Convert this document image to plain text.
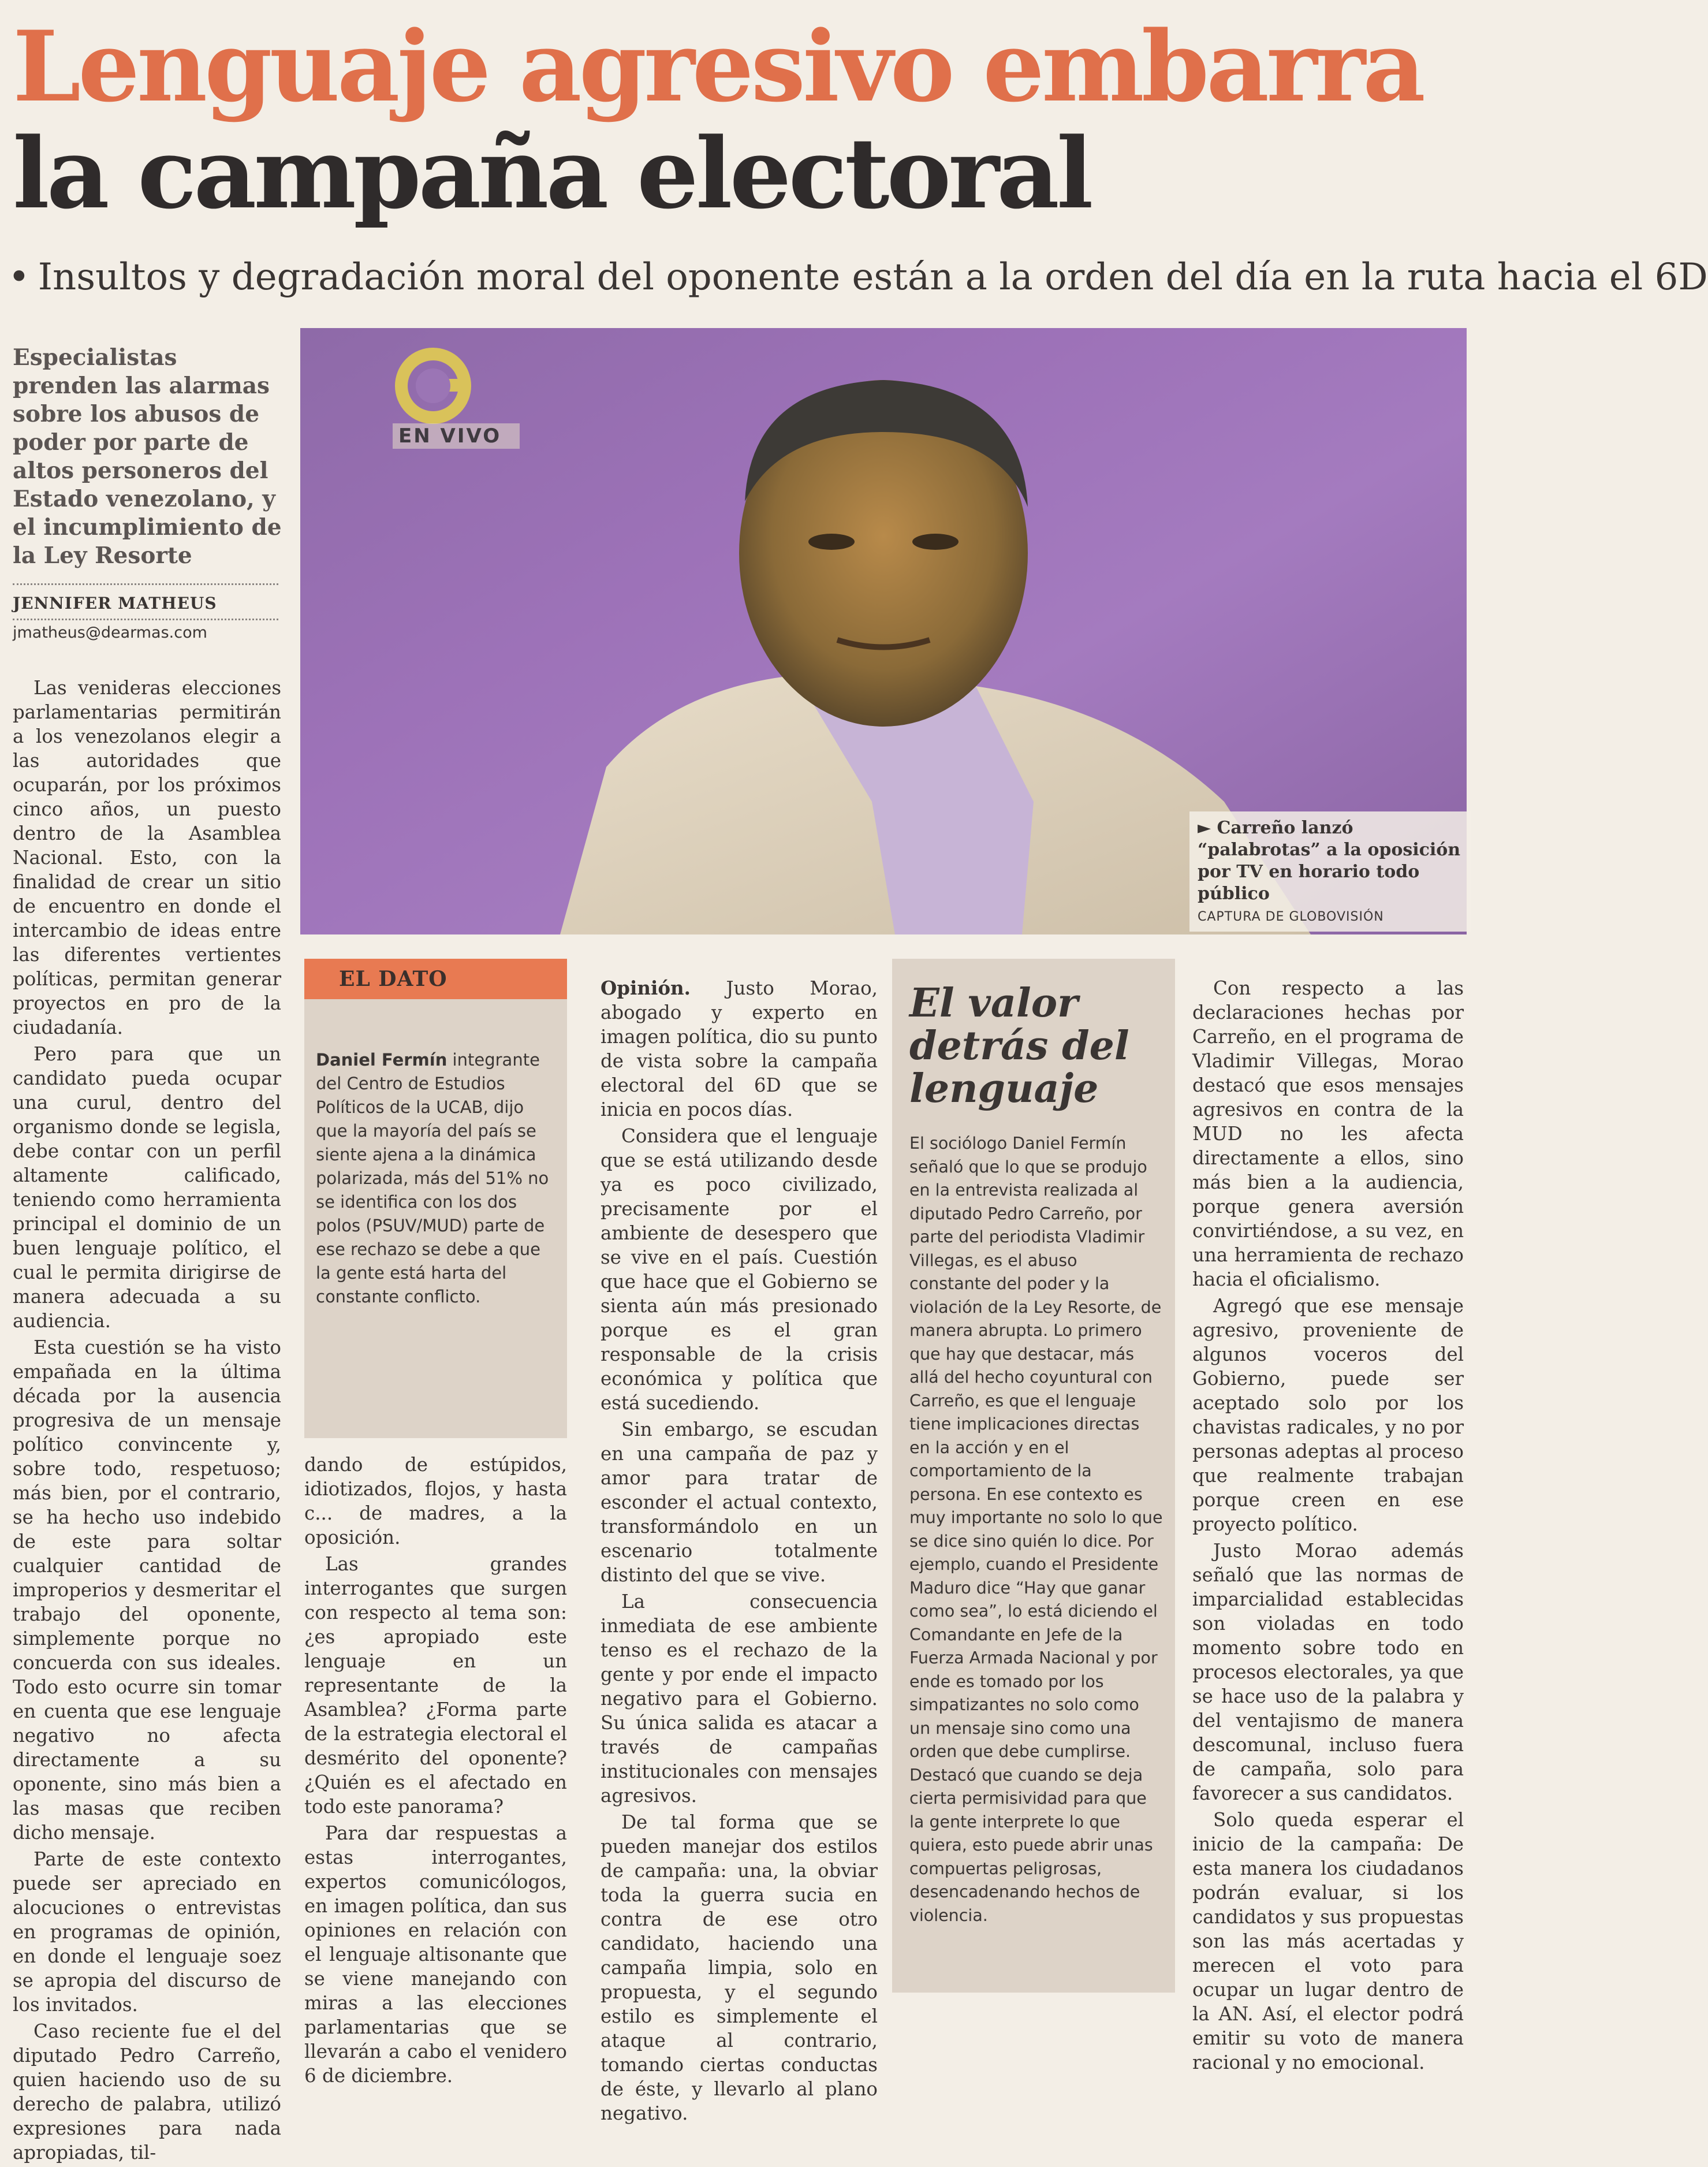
Lenguaje agresivo embarra
la campaña electoral
• Insultos y degradación moral del oponente están a la orden del día en la ruta hacia el 6D
Especialistas prenden las alarmas sobre los abusos de poder por parte de altos personeros del Estado venezolano, y el incumplimiento de la Ley Resorte
JENNIFER MATHEUS
jmatheus@dearmas.com
EN VIVO
► Carreño lanzó “palabrotas” a la oposición por TV en horario todo público
CAPTURA DE GLOBOVISIÓN

Las venideras elecciones parlamentarias permitirán a los venezolanos elegir a las autoridades que ocuparán, por los próximos cinco años, un puesto dentro de la Asamblea Nacional. Esto, con la finalidad de crear un sitio de encuentro en donde el intercambio de ideas entre las diferentes vertientes políticas, permitan generar proyectos en pro de la ciudadanía.

Pero para que un candidato pueda ocupar una curul, dentro del organismo donde se legisla, debe contar con un perfil altamente calificado, teniendo como herramienta principal el dominio de un buen lenguaje político, el cual le permita dirigirse de manera adecuada a su audiencia.

Esta cuestión se ha visto empañada en la última década por la ausencia progresiva de un mensaje político convincente y, sobre todo, respetuoso; más bien, por el contrario, se ha hecho uso indebido de este para soltar cualquier cantidad de improperios y desmeritar el trabajo del oponente, simplemente porque no concuerda con sus ideales. Todo esto ocurre sin tomar en cuenta que ese lenguaje negativo no afecta directamente a su oponente, sino más bien a las masas que reciben dicho mensaje.

Parte de este contexto puede ser apreciado en alocuciones o entrevistas en programas de opinión, en donde el lenguaje soez se apropia del discurso de los invitados.

Caso reciente fue el del diputado Pedro Carreño, quien haciendo uso de su derecho de palabra, utilizó expresiones para nada apropiadas, til-

EL DATO
Daniel Fermín integrante del Centro de Estudios Políticos de la UCAB, dijo que la mayoría del país se siente ajena a la dinámica polarizada, más del 51% no se identifica con los dos polos (PSUV/MUD) parte de ese rechazo se debe a que la gente está harta del constante conflicto.

dando de estúpidos, idiotizados, flojos, y hasta c... de madres, a la oposición.

Las grandes interrogantes que surgen con respecto al tema son: ¿es apropiado este lenguaje en un representante de la Asamblea? ¿Forma parte de la estrategia electoral el desmérito del oponente? ¿Quién es el afectado en todo este panorama?

Para dar respuestas a estas interrogantes, expertos comunicólogos, en imagen política, dan sus opiniones en relación con el lenguaje altisonante que se viene manejando con miras a las elecciones parlamentarias que se llevarán a cabo el venidero 6 de diciembre.

Opinión. Justo Morao, abogado y experto en imagen política, dio su punto de vista sobre la campaña electoral del 6D que se inicia en pocos días.

Considera que el lenguaje que se está utilizando desde ya es poco civilizado, precisamente por el ambiente de desespero que se vive en el país. Cuestión que hace que el Gobierno se sienta aún más presionado porque es el gran responsable de la crisis económica y política que está sucediendo.

Sin embargo, se escudan en una campaña de paz y amor para tratar de esconder el actual contexto, transformándolo en un escenario totalmente distinto del que se vive.

La consecuencia inmediata de ese ambiente tenso es el rechazo de la gente y por ende el impacto negativo para el Gobierno. Su única salida es atacar a través de campañas institucionales con mensajes agresivos.

De tal forma que se pueden manejar dos estilos de campaña: una, la obviar toda la guerra sucia en contra de ese otro candidato, haciendo una campaña limpia, solo en propuesta, y el segundo estilo es simplemente el ataque al contrario, tomando ciertas conductas de éste, y llevarlo al plano negativo.

El valor detrás del lenguaje
El sociólogo Daniel Fermín señaló que lo que se produjo en la entrevista realizada al diputado Pedro Carreño, por parte del periodista Vladimir Villegas, es el abuso constante del poder y la violación de la Ley Resorte, de manera abrupta. Lo primero que hay que destacar, más allá del hecho coyuntural con Carreño, es que el lenguaje tiene implicaciones directas en la acción y en el comportamiento de la persona. En ese contexto es muy importante no solo lo que se dice sino quién lo dice. Por ejemplo, cuando el Presidente Maduro dice “Hay que ganar como sea”, lo está diciendo el Comandante en Jefe de la Fuerza Armada Nacional y por ende es tomado por los simpatizantes no solo como un mensaje sino como una orden que debe cumplirse. Destacó que cuando se deja cierta permisividad para que la gente interprete lo que quiera, esto puede abrir unas compuertas peligrosas, desencadenando hechos de violencia.

Con respecto a las declaraciones hechas por Carreño, en el programa de Vladimir Villegas, Morao destacó que esos mensajes agresivos en contra de la MUD no les afecta directamente a ellos, sino más bien a la audiencia, porque genera aversión convirtiéndose, a su vez, en una herramienta de rechazo hacia el oficialismo.

Agregó que ese mensaje agresivo, proveniente de algunos voceros del Gobierno, puede ser aceptado solo por los chavistas radicales, y no por personas adeptas al proceso que realmente trabajan porque creen en ese proyecto político.

Justo Morao además señaló que las normas de imparcialidad establecidas son violadas en todo momento sobre todo en procesos electorales, ya que se hace uso de la palabra y del ventajismo de manera descomunal, incluso fuera de campaña, solo para favorecer a sus candidatos.

Solo queda esperar el inicio de la campaña: De esta manera los ciudadanos podrán evaluar, si los candidatos y sus propuestas son las más acertadas y merecen el voto para ocupar un lugar dentro de la AN. Así, el elector podrá emitir su voto de manera racional y no emocional.
